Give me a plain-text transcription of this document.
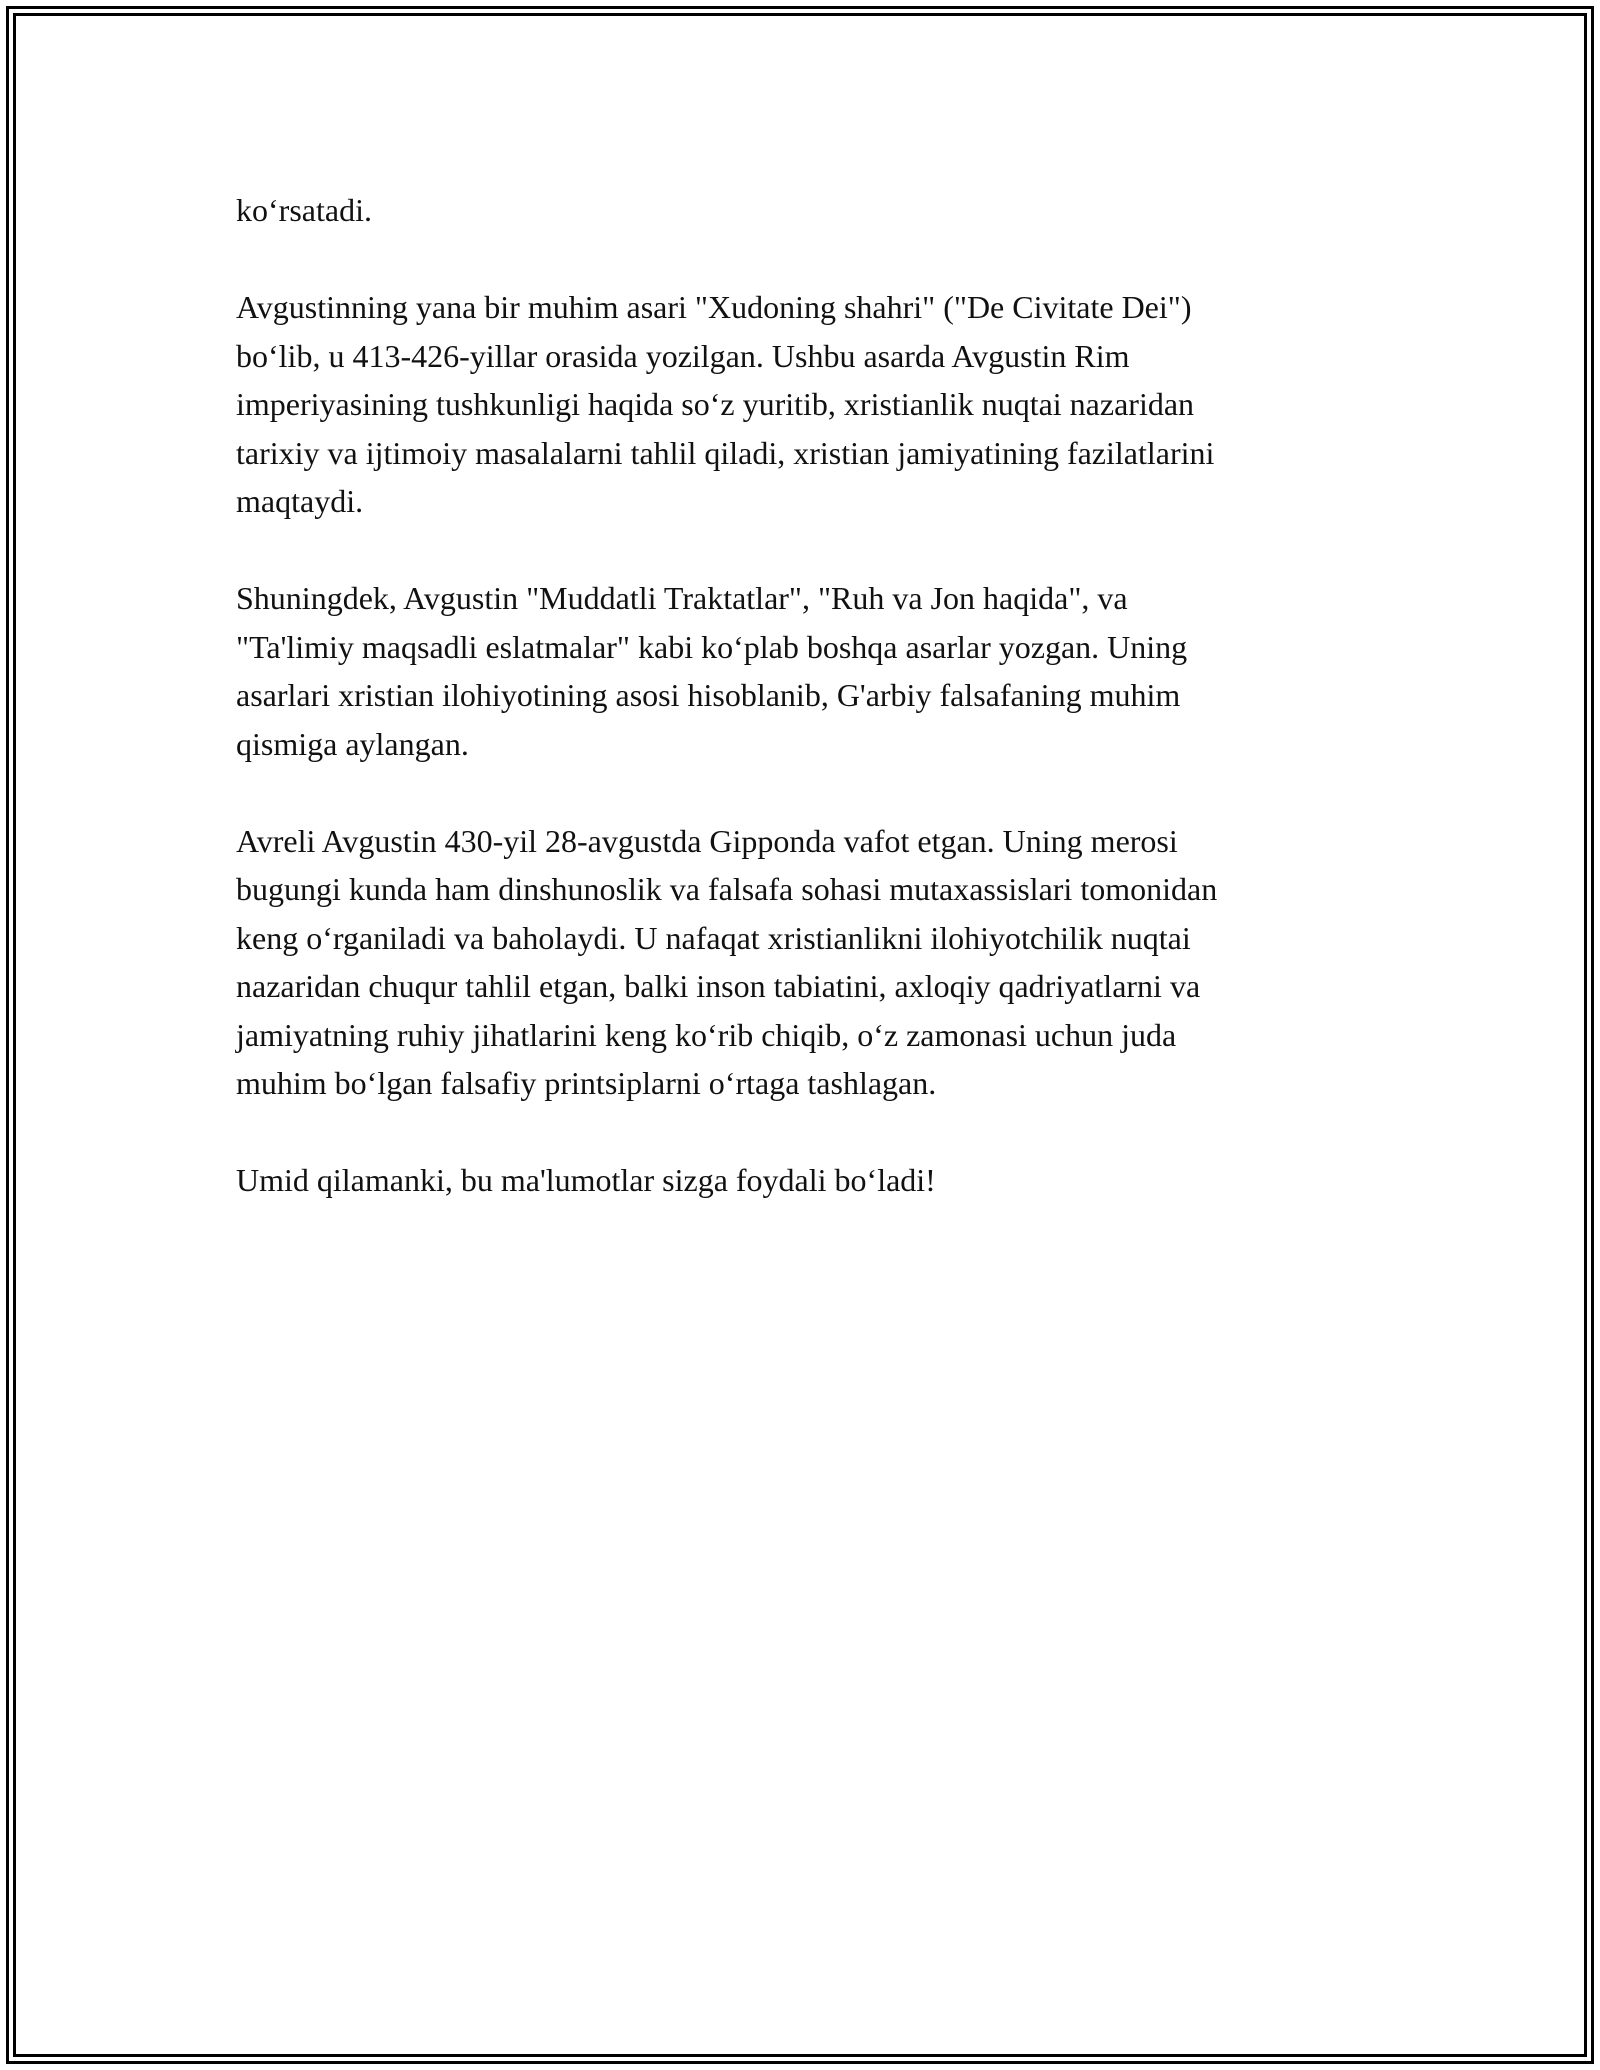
ko‘rsatadi.

Avgustinning yana bir muhim asari "Xudoning shahri" ("De Civitate Dei")
bo‘lib, u 413-426-yillar orasida yozilgan. Ushbu asarda Avgustin Rim
imperiyasining tushkunligi haqida so‘z yuritib, xristianlik nuqtai nazaridan
tarixiy va ijtimoiy masalalarni tahlil qiladi, xristian jamiyatining fazilatlarini
maqtaydi.

Shuningdek, Avgustin "Muddatli Traktatlar", "Ruh va Jon haqida", va
"Ta'limiy maqsadli eslatmalar" kabi ko‘plab boshqa asarlar yozgan. Uning
asarlari xristian ilohiyotining asosi hisoblanib, G'arbiy falsafaning muhim
qismiga aylangan.

Avreli Avgustin 430-yil 28-avgustda Gipponda vafot etgan. Uning merosi
bugungi kunda ham dinshunoslik va falsafa sohasi mutaxassislari tomonidan
keng o‘rganiladi va baholaydi. U nafaqat xristianlikni ilohiyotchilik nuqtai
nazaridan chuqur tahlil etgan, balki inson tabiatini, axloqiy qadriyatlarni va
jamiyatning ruhiy jihatlarini keng ko‘rib chiqib, o‘z zamonasi uchun juda
muhim bo‘lgan falsafiy printsiplarni o‘rtaga tashlagan.

Umid qilamanki, bu ma'lumotlar sizga foydali bo‘ladi!
